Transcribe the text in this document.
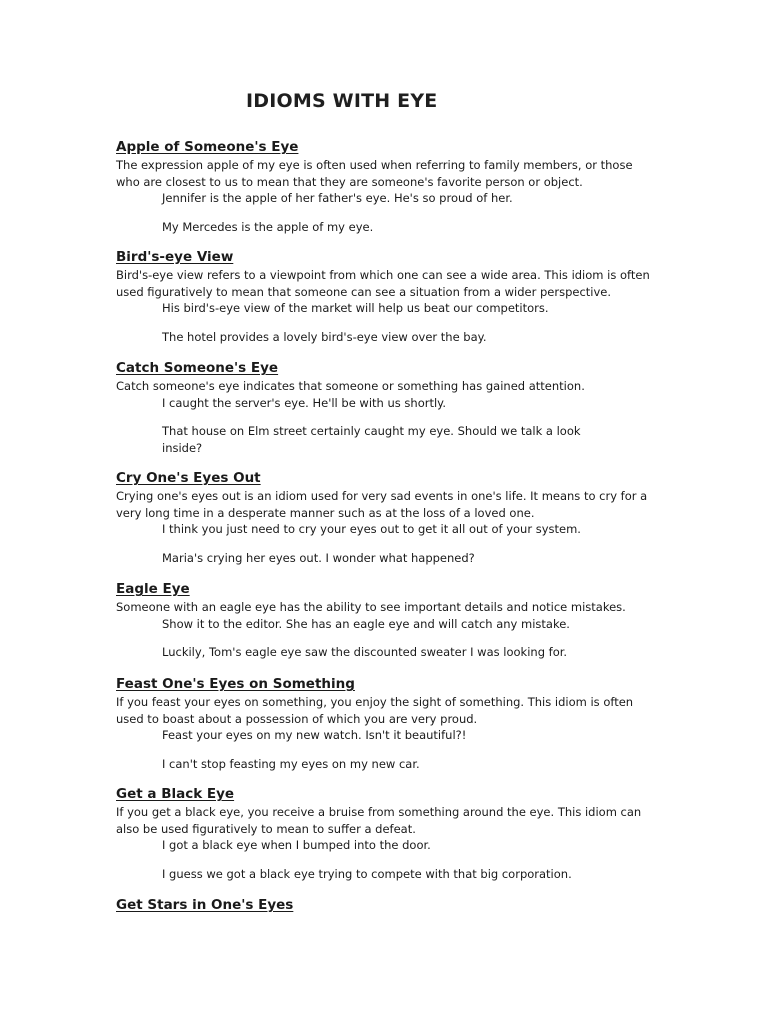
IDIOMS WITH EYE
Apple of Someone's Eye

The expression apple of my eye is often used when referring to family members, or those who are closest to us to mean that they are someone's favorite person or object.

Jennifer is the apple of her father's eye. He's so proud of her.
My Mercedes is the apple of my eye.
Bird's-eye View

Bird's-eye view refers to a viewpoint from which one can see a wide area. This idiom is often used figuratively to mean that someone can see a situation from a wider perspective.

His bird's-eye view of the market will help us beat our competitors.
The hotel provides a lovely bird's-eye view over the bay.
Catch Someone's Eye

Catch someone's eye indicates that someone or something has gained attention.

I caught the server's eye. He'll be with us shortly.
That house on Elm street certainly caught my eye. Should we talk a look inside?
Cry One's Eyes Out

Crying one's eyes out is an idiom used for very sad events in one's life. It means to cry for a very long time in a desperate manner such as at the loss of a loved one.

I think you just need to cry your eyes out to get it all out of your system.
Maria's crying her eyes out. I wonder what happened?
Eagle Eye

Someone with an eagle eye has the ability to see important details and notice mistakes.

Show it to the editor. She has an eagle eye and will catch any mistake.
Luckily, Tom's eagle eye saw the discounted sweater I was looking for.
Feast One's Eyes on Something

If you feast your eyes on something, you enjoy the sight of something. This idiom is often used to boast about a possession of which you are very proud.

Feast your eyes on my new watch. Isn't it beautiful?!
I can't stop feasting my eyes on my new car.
Get a Black Eye

If you get a black eye, you receive a bruise from something around the eye. This idiom can also be used figuratively to mean to suffer a defeat.

I got a black eye when I bumped into the door.
I guess we got a black eye trying to compete with that big corporation.
Get Stars in One's Eyes
